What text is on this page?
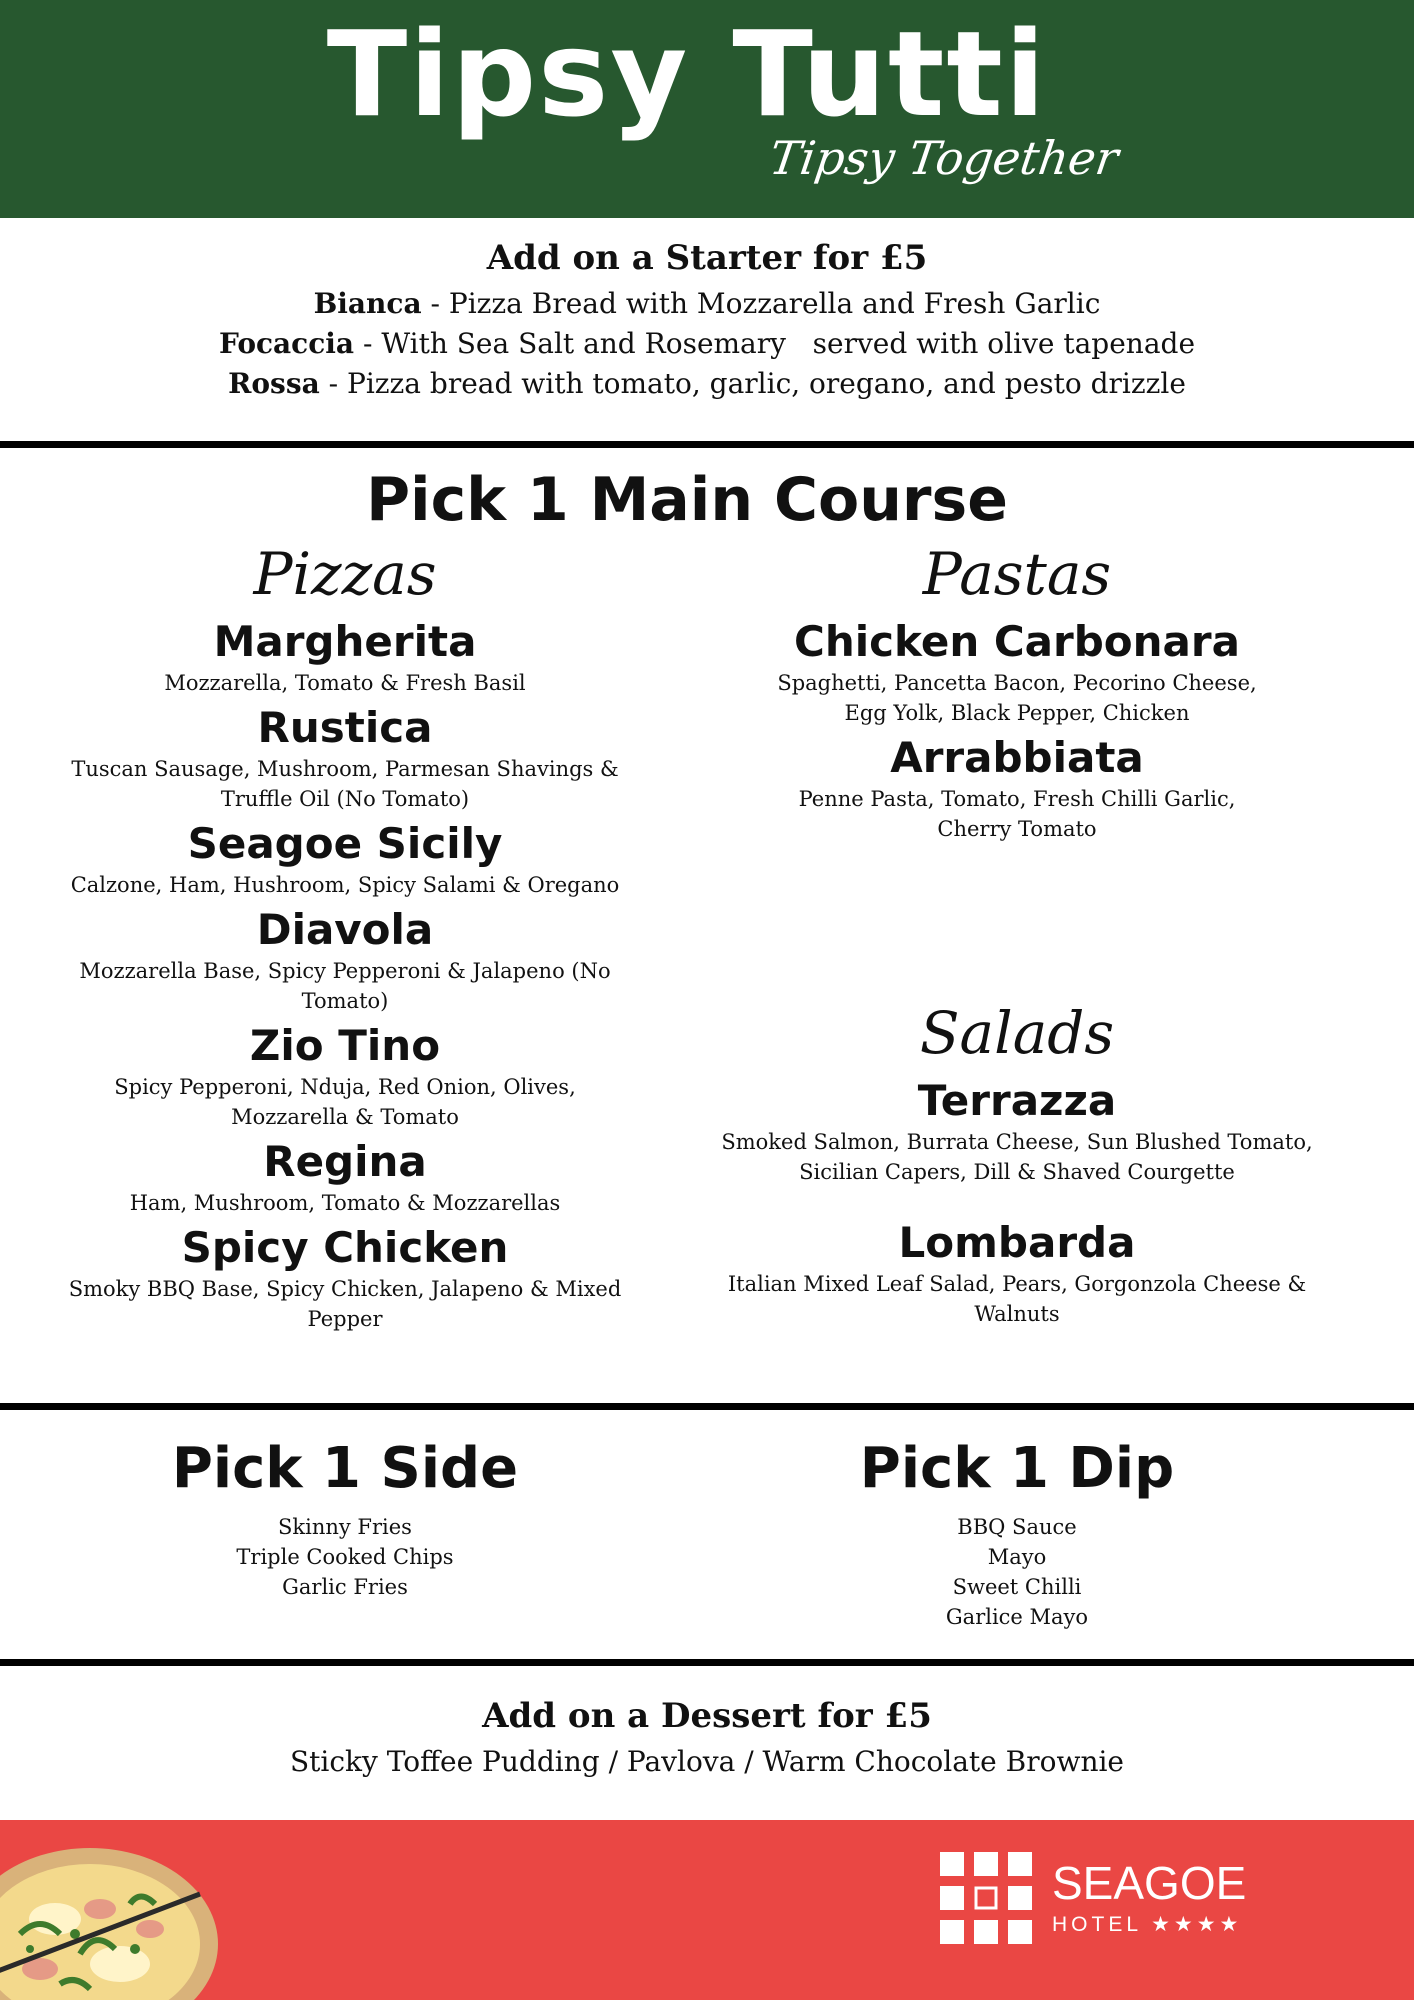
Tipsy Tutti
Tipsy Together
Add on a Starter for £5
Bianca - Pizza Bread with Mozzarella and Fresh Garlic
Focaccia - With Sea Salt and Rosemary   served with olive tapenade
Rossa - Pizza bread with tomato, garlic, oregano, and pesto drizzle
Pick 1 Main Course
Pizzas
Margherita
Mozzarella, Tomato & Fresh Basil
Rustica
Tuscan Sausage, Mushroom, Parmesan Shavings &
Truffle Oil (No Tomato)
Seagoe Sicily
Calzone, Ham, Hushroom, Spicy Salami & Oregano
Diavola
Mozzarella Base, Spicy Pepperoni & Jalapeno (No
Tomato)
Zio Tino
Spicy Pepperoni, Nduja, Red Onion, Olives,
Mozzarella & Tomato
Regina
Ham, Mushroom, Tomato & Mozzarellas
Spicy Chicken
Smoky BBQ Base, Spicy Chicken, Jalapeno & Mixed
Pepper
Pastas
Chicken Carbonara
Spaghetti, Pancetta Bacon, Pecorino Cheese,
Egg Yolk, Black Pepper, Chicken
Arrabbiata
Penne Pasta, Tomato, Fresh Chilli Garlic,
Cherry Tomato
Salads
Terrazza
Smoked Salmon, Burrata Cheese, Sun Blushed Tomato,
Sicilian Capers, Dill & Shaved Courgette
Lombarda
Italian Mixed Leaf Salad, Pears, Gorgonzola Cheese &
Walnuts
Pick 1 Side
Skinny Fries
Triple Cooked Chips
Garlic Fries
Pick 1 Dip
BBQ Sauce
Mayo
Sweet Chilli
Garlice Mayo
Add on a Dessert for £5
Sticky Toffee Pudding / Pavlova / Warm Chocolate Brownie
SEAGOE
HOTEL ★★★★
